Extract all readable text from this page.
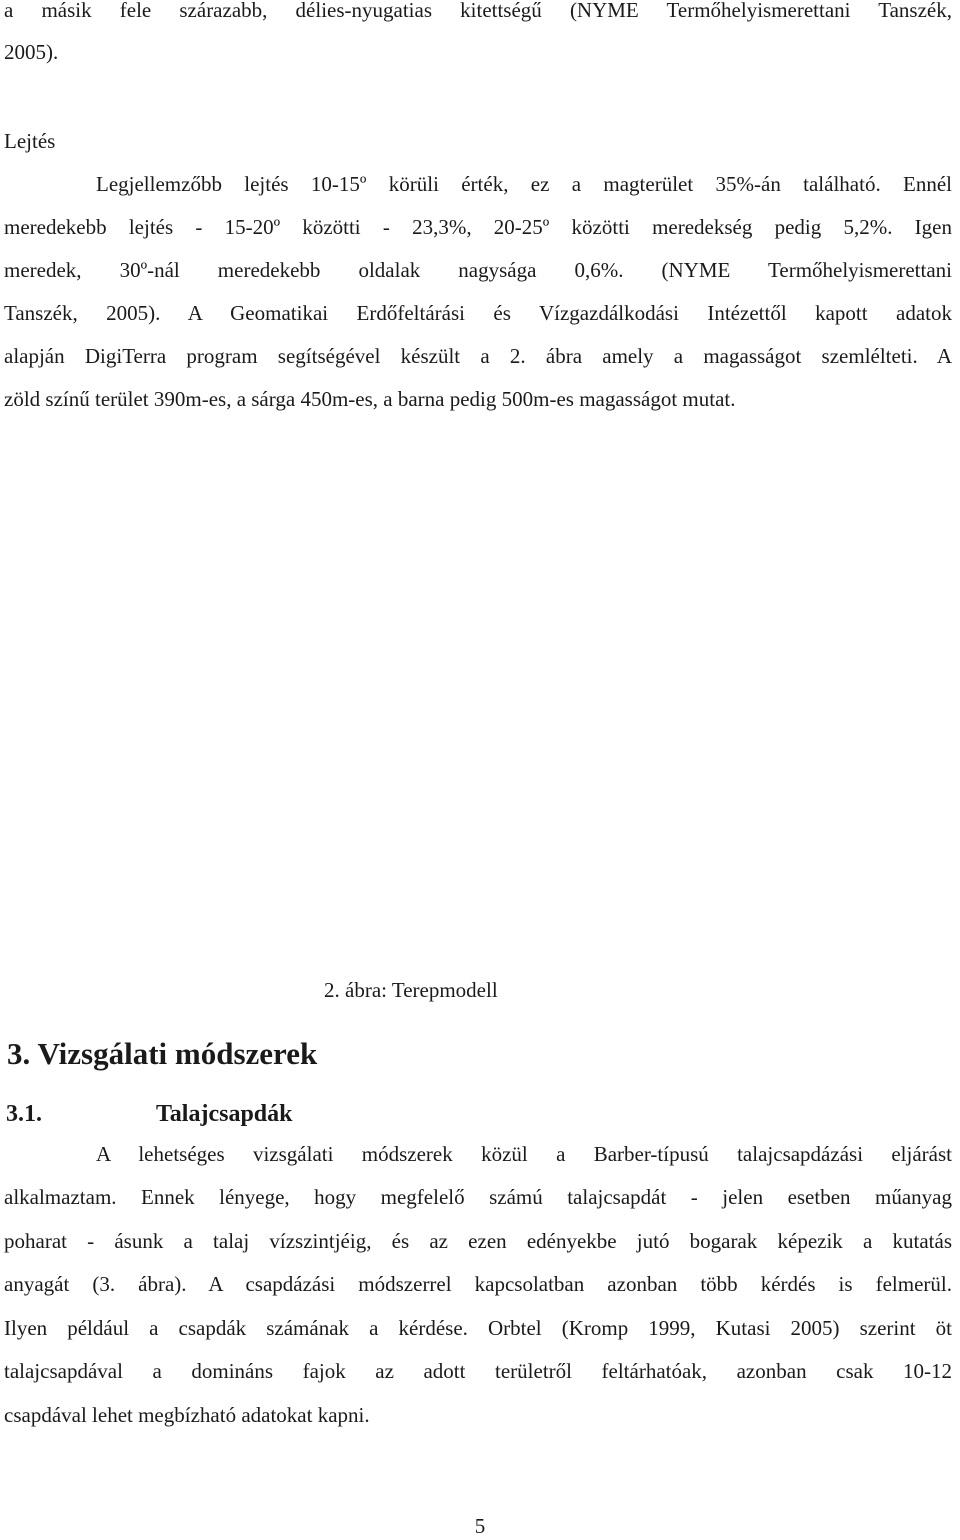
a másik fele szárazabb, délies-nyugatias kitettségű (NYME Termőhelyismerettani Tanszék,
2005).
Lejtés
Legjellemzőbb lejtés 10-15º körüli érték, ez a magterület 35%-án található. Ennél
meredekebb lejtés - 15-20º közötti - 23,3%, 20-25º közötti meredekség pedig 5,2%. Igen
meredek, 30º-nál meredekebb oldalak nagysága 0,6%. (NYME Termőhelyismerettani
Tanszék, 2005). A Geomatikai Erdőfeltárási és Vízgazdálkodási Intézettől kapott adatok
alapján DigiTerra program segítségével készült a 2. ábra amely a magasságot szemlélteti. A
zöld színű terület 390m-es, a sárga 450m-es, a barna pedig 500m-es magasságot mutat.
2. ábra: Terepmodell
3. Vizsgálati módszerek
3.1.	Talajcsapdák
A lehetséges vizsgálati módszerek közül a Barber-típusú talajcsapdázási eljárást
alkalmaztam. Ennek lényege, hogy megfelelő számú talajcsapdát - jelen esetben műanyag
poharat - ásunk a talaj vízszintjéig, és az ezen edényekbe jutó bogarak képezik a kutatás
anyagát (3. ábra). A csapdázási módszerrel kapcsolatban azonban több kérdés is felmerül.
Ilyen például a csapdák számának a kérdése. Orbtel (Kromp 1999, Kutasi 2005) szerint öt
talajcsapdával a domináns fajok az adott területről feltárhatóak, azonban csak 10-12
csapdával lehet megbízható adatokat kapni.
5
